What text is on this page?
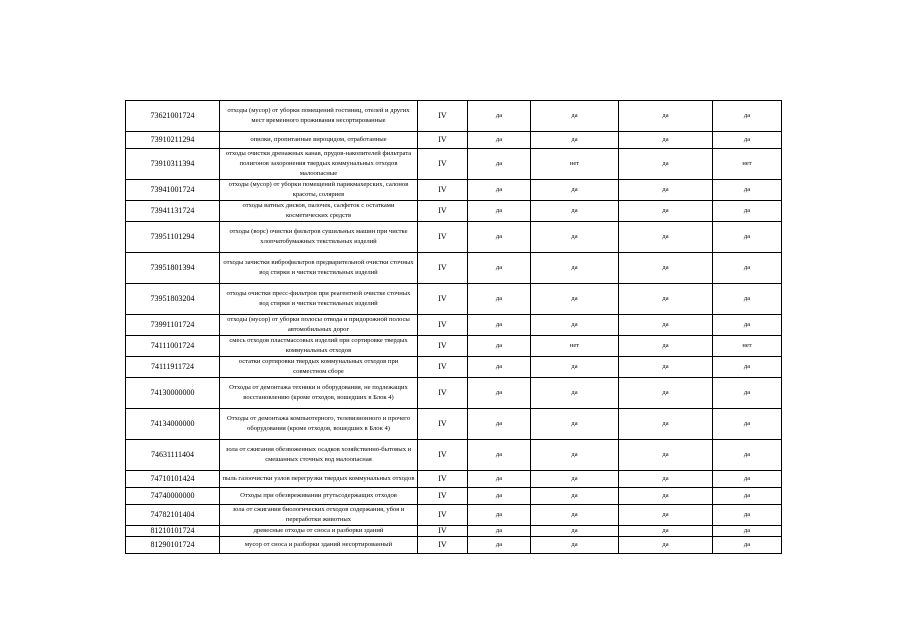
73621001724	отходы (мусор) от уборки помещений гостиниц, отелей и других мест временного проживания несортированные	IV	да	да	да	да
73910211294	опилки, пропитанные вироцидом, отработанные	IV	да	да	да	да
73910311394	отходы очистки дренажных канав, прудов-накопителей фильтрата полигонов захоронения твердых коммунальных отходов малоопасные	IV	да	нет	да	нет
73941001724	отходы (мусор) от уборки помещений парикмахерских, салонов красоты, соляриев	IV	да	да	да	да
73941131724	отходы ватных дисков, палочек, салфеток с остатками косметических средств	IV	да	да	да	да
73951101294	отходы (ворс) очистки фильтров сушильных машин при чистке хлопчатобумажных текстильных изделий	IV	да	да	да	да
73951801394	отходы зачистки виброфильтров предварительной очистки сточных вод стирки и чистки текстильных изделий	IV	да	да	да	да
73951803204	отходы очистки пресс-фильтров при реагентной очистке сточных вод стирки и чистки текстильных изделий	IV	да	да	да	да
73991101724	отходы (мусор) от уборки полосы отвода и придорожной полосы автомобильных дорог	IV	да	да	да	да
74111001724	смесь отходов пластмассовых изделий при сортировке твердых коммунальных отходов	IV	да	нет	да	нет
74111911724	остатки сортировки твердых коммунальных отходов при совместном сборе	IV	да	да	да	да
74130000000	Отходы от демонтажа техники и оборудования, не подлежащих восстановлению (кроме отходов, вошедших в Блок 4)	IV	да	да	да	да
74134000000	Отходы от демонтажа компьютерного, телевизионного и прочего оборудования (кроме отходов, вошедших в Блок 4)	IV	да	да	да	да
74631111404	зола от сжигания обезвоженных осадков хозяйственно-бытовых и смешанных сточных вод малоопасная	IV	да	да	да	да
74710101424	пыль газоочистки узлов перегрузки твердых коммунальных отходов	IV	да	да	да	да
74740000000	Отходы при обезвреживании ртутьсодержащих отходов	IV	да	да	да	да
74782101404	зола от сжигания биологических отходов содержания, убоя и переработки животных	IV	да	да	да	да
81210101724	древесные отходы от сноса и разборки зданий	IV	да	да	да	да
81290101724	мусор от сноса и разборки зданий несортированный	IV	да	да	да	да
